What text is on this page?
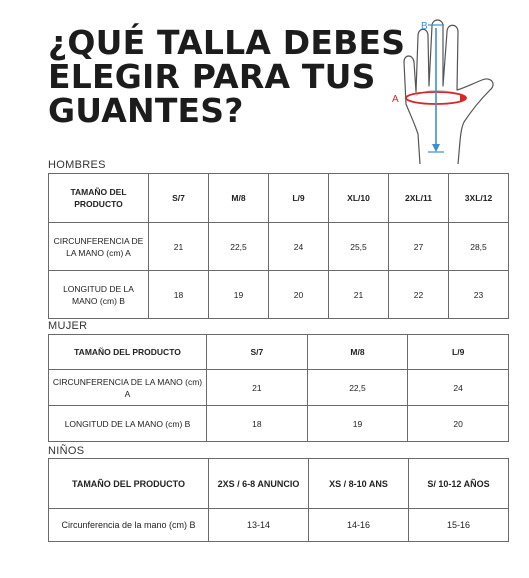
¿QUÉ TALLA DEBES
ELEGIR PARA TUS
GUANTES?
B
A
HOMBRES
TAMAÑO DEL PRODUCTO	S/7	M/8	L/9	XL/10	2XL/11	3XL/12
CIRCUNFERENCIA DE LA MANO (cm) A	21	22,5	24	25,5	27	28,5
LONGITUD DE LA MANO (cm) B	18	19	20	21	22	23
MUJER
TAMAÑO DEL PRODUCTO	S/7	M/8	L/9
CIRCUNFERENCIA DE LA MANO (cm) A	21	22,5	24
LONGITUD DE LA MANO (cm) B	18	19	20
NIÑOS
TAMAÑO DEL PRODUCTO	2XS / 6-8 ANUNCIO	XS / 8-10 ANS	S/ 10-12 AÑOS
Circunferencia de la mano (cm) B	13-14	14-16	15-16
